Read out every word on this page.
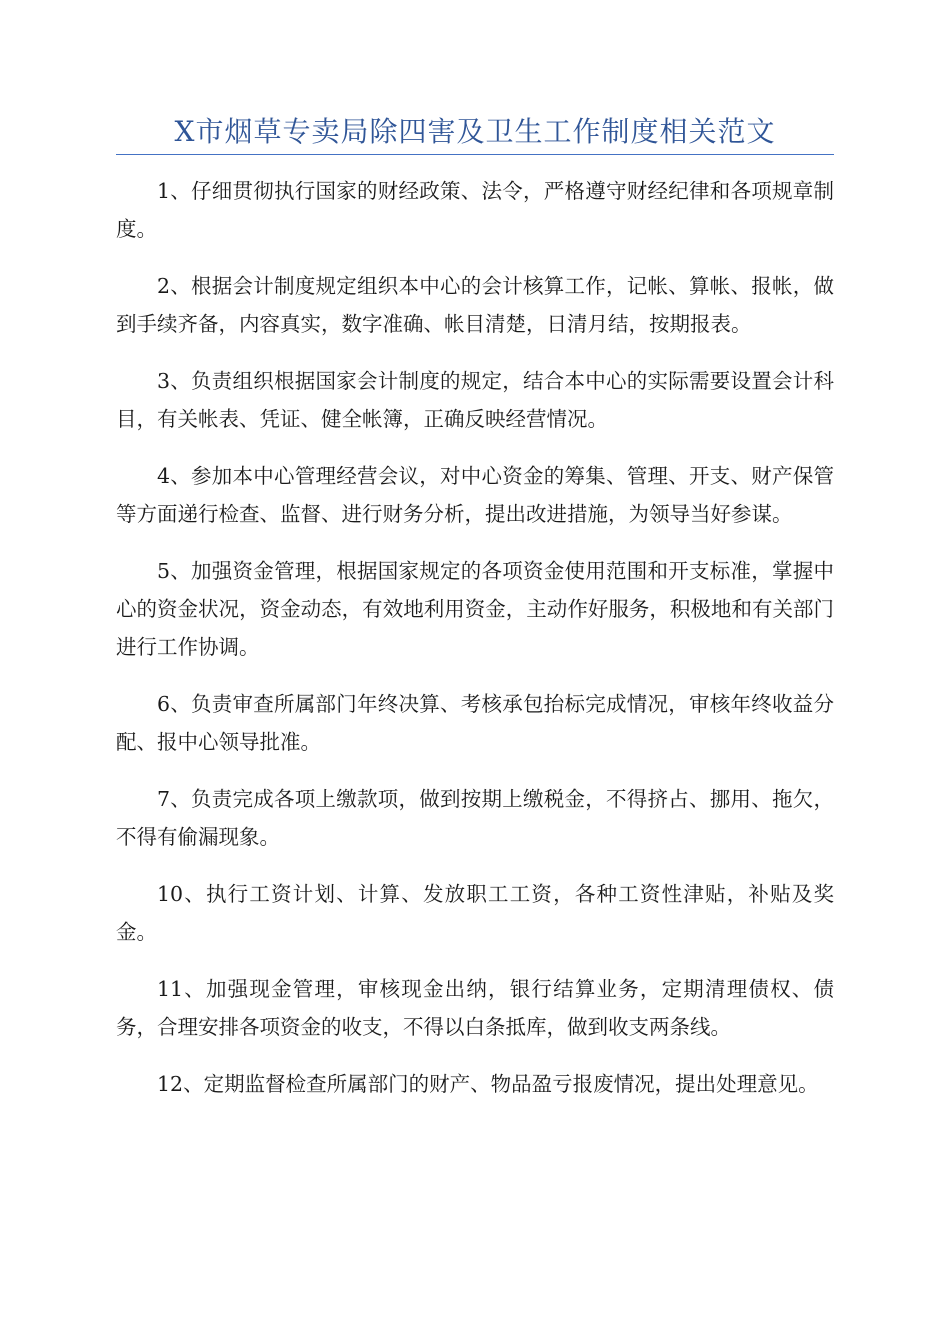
X市烟草专卖局除四害及卫生工作制度相关范文

1、仔细贯彻执行国家的财经政策、法令，严格遵守财经纪律和各项规章制度。

2、根据会计制度规定组织本中心的会计核算工作，记帐、算帐、报帐，做到手续齐备，内容真实，数字准确、帐目清楚，日清月结，按期报表。

3、负责组织根据国家会计制度的规定，结合本中心的实际需要设置会计科目，有关帐表、凭证、健全帐簿，正确反映经营情况。

4、参加本中心管理经营会议，对中心资金的筹集、管理、开支、财产保管等方面递行检查、监督、进行财务分析，提出改进措施，为领导当好参谋。

5、加强资金管理，根据国家规定的各项资金使用范围和开支标准，掌握中心的资金状况，资金动态，有效地利用资金，主动作好服务，积极地和有关部门进行工作协调。

6、负责审查所属部门年终决算、考核承包抬标完成情况，审核年终收益分配、报中心领导批准。

7、负责完成各项上缴款项，做到按期上缴税金，不得挤占、挪用、拖欠，不得有偷漏现象。

10、执行工资计划、计算、发放职工工资，各种工资性津贴，补贴及奖金。

11、加强现金管理，审核现金出纳，银行结算业务，定期清理债权、债务，合理安排各项资金的收支，不得以白条抵库，做到收支两条线。

12、定期监督检查所属部门的财产、物品盈亏报废情况，提出处理意见。
